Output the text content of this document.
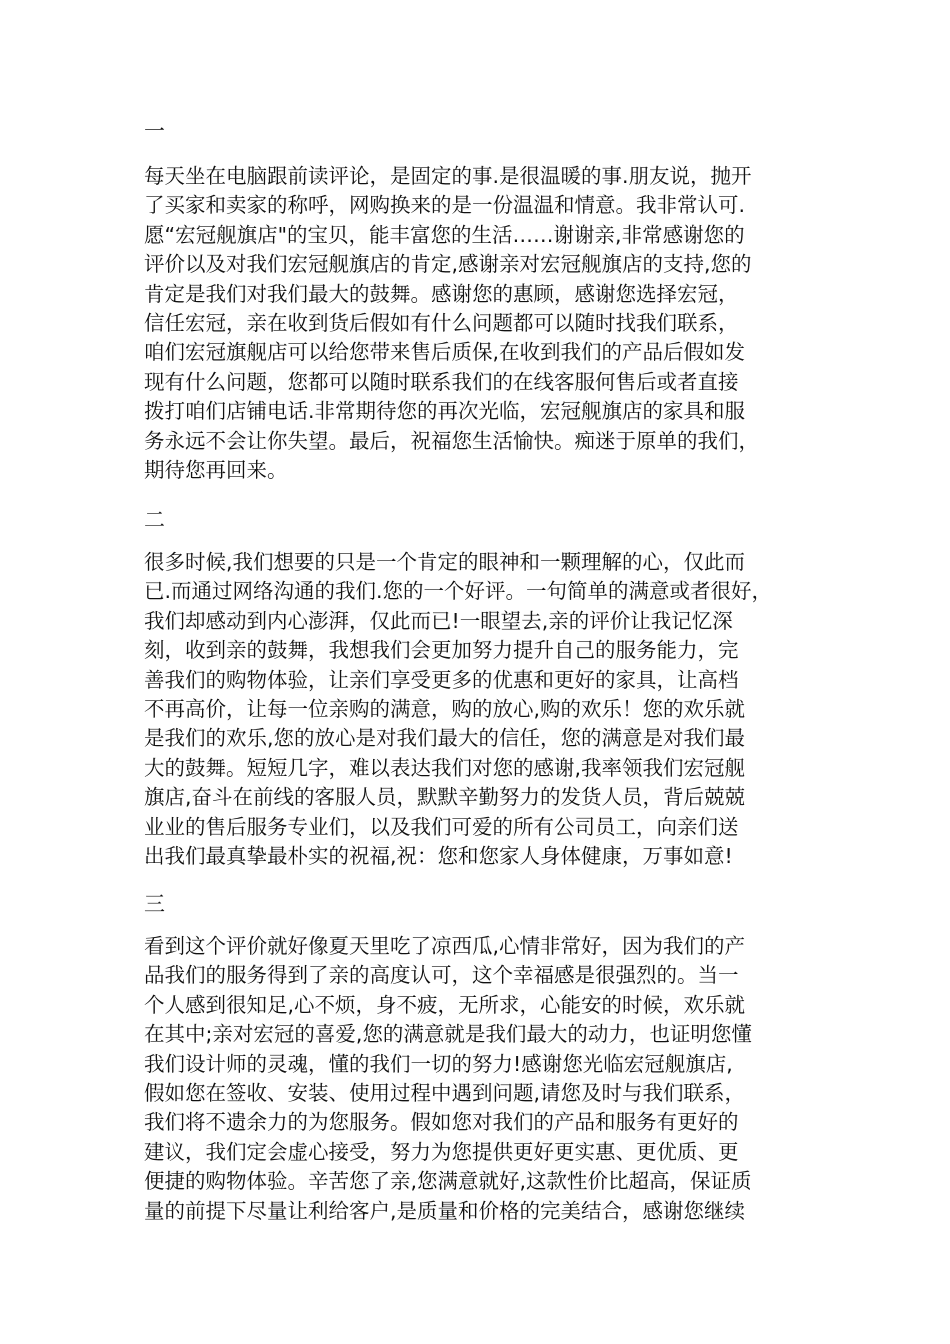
一
每天坐在电脑跟前读评论，是固定的事.是很温暖的事.朋友说，抛开
了买家和卖家的称呼，网购换来的是一份温温和情意。我非常认可.
愿“宏冠舰旗店"的宝贝，能丰富您的生活……谢谢亲,非常感谢您的
评价以及对我们宏冠舰旗店的肯定,感谢亲对宏冠舰旗店的支持,您的
肯定是我们对我们最大的鼓舞。感谢您的惠顾，感谢您选择宏冠，
信任宏冠，亲在收到货后假如有什么问题都可以随时找我们联系，
咱们宏冠旗舰店可以给您带来售后质保,在收到我们的产品后假如发
现有什么问题，您都可以随时联系我们的在线客服何售后或者直接
拨打咱们店铺电话.非常期待您的再次光临，宏冠舰旗店的家具和服
务永远不会让你失望。最后，祝福您生活愉快。痴迷于原单的我们，
期待您再回来。
二
很多时候,我们想要的只是一个肯定的眼神和一颗理解的心，仅此而
已.而通过网络沟通的我们.您的一个好评。一句简单的满意或者很好，
我们却感动到内心澎湃，仅此而已!一眼望去,亲的评价让我记忆深
刻，收到亲的鼓舞，我想我们会更加努力提升自己的服务能力，完
善我们的购物体验，让亲们享受更多的优惠和更好的家具，让高档
不再高价，让每一位亲购的满意，购的放心,购的欢乐！您的欢乐就
是我们的欢乐,您的放心是对我们最大的信任，您的满意是对我们最
大的鼓舞。短短几字，难以表达我们对您的感谢,我率领我们宏冠舰
旗店,奋斗在前线的客服人员，默默辛勤努力的发货人员，背后兢兢
业业的售后服务专业们，以及我们可爱的所有公司员工，向亲们送
出我们最真挚最朴实的祝福,祝：您和您家人身体健康，万事如意!
三
看到这个评价就好像夏天里吃了凉西瓜,心情非常好，因为我们的产
品我们的服务得到了亲的高度认可，这个幸福感是很强烈的。当一
个人感到很知足,心不烦，身不疲，无所求，心能安的时候，欢乐就
在其中;亲对宏冠的喜爱,您的满意就是我们最大的动力，也证明您懂
我们设计师的灵魂，懂的我们一切的努力!感谢您光临宏冠舰旗店,
假如您在签收、安装、使用过程中遇到问题,请您及时与我们联系，
我们将不遗余力的为您服务。假如您对我们的产品和服务有更好的
建议，我们定会虚心接受，努力为您提供更好更实惠、更优质、更
便捷的购物体验。辛苦您了亲,您满意就好,这款性价比超高，保证质
量的前提下尽量让利给客户,是质量和价格的完美结合，感谢您继续
